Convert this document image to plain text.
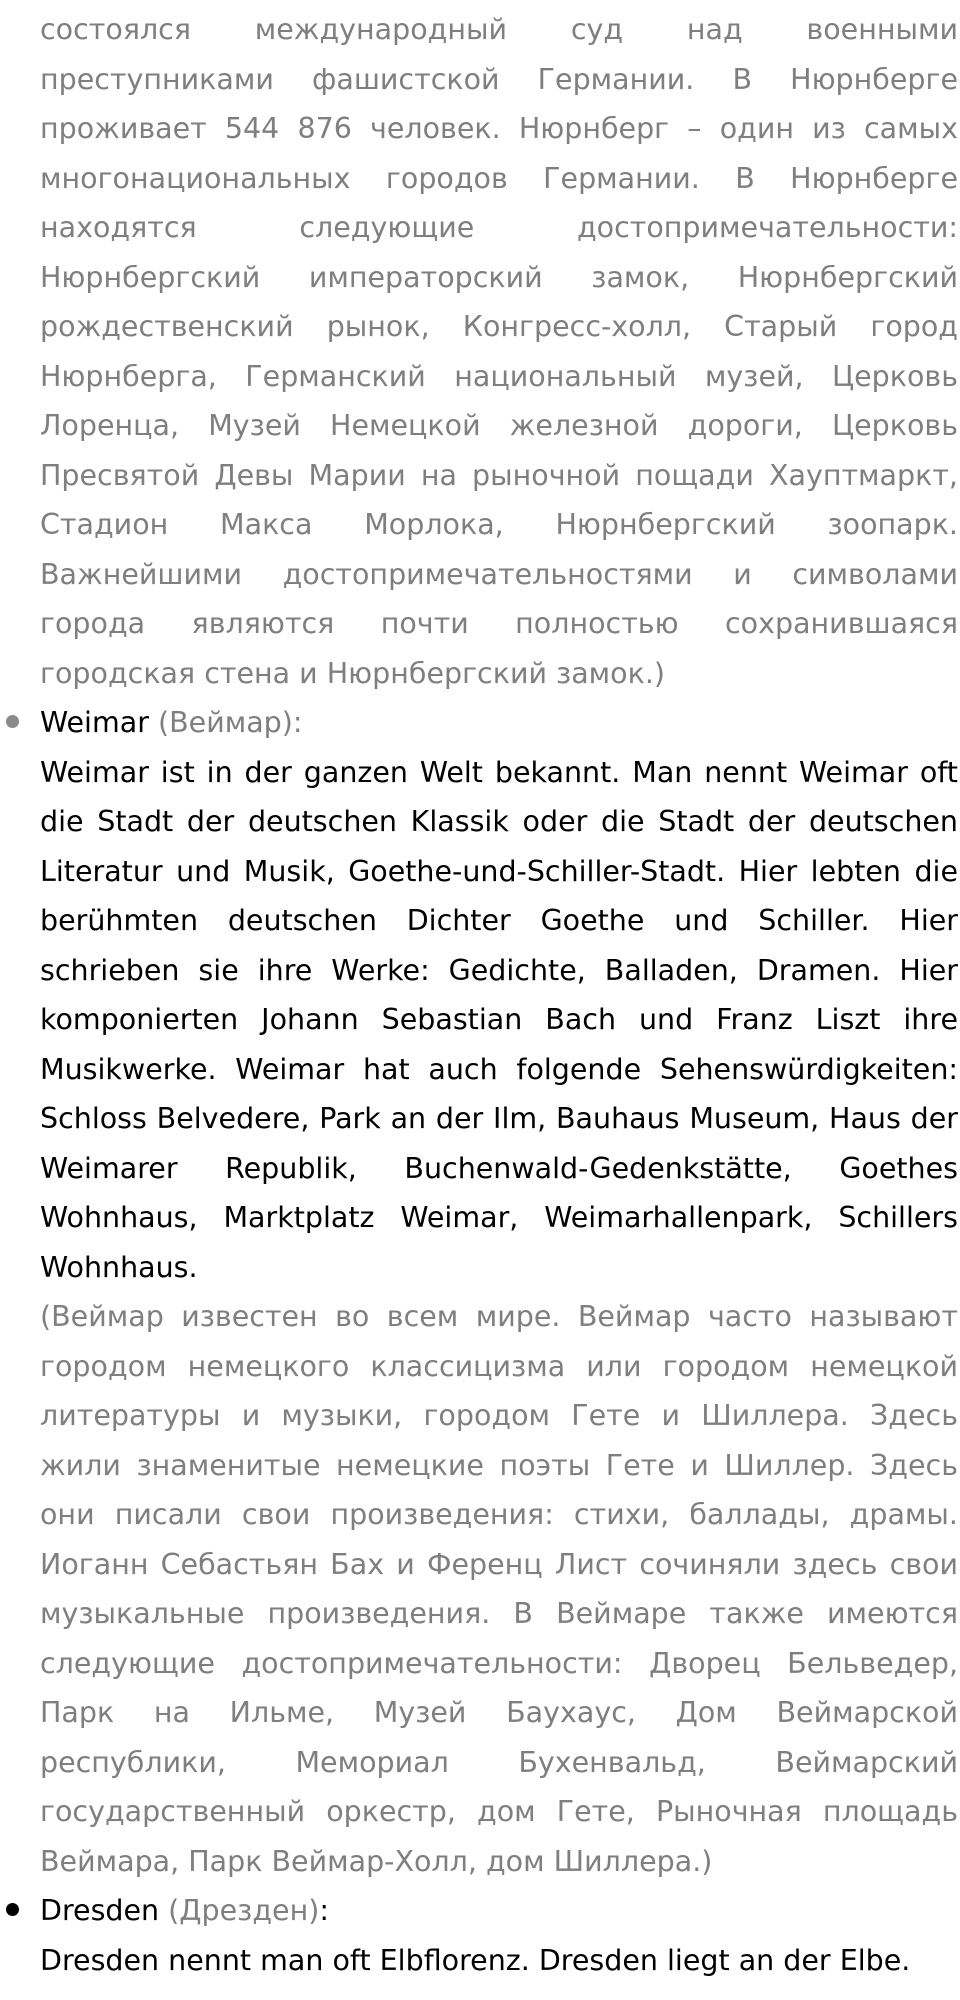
состоялся международный суд над военными преступниками фашистской Германии. В Нюрнберге проживает 544 876 человек. Нюрнберг – один из самых многонациональных городов Германии. В Нюрнберге находятся следующие достопримечательности: Нюрнбергский императорский замок, Нюрнбергский рождественский рынок, Конгресс-холл, Старый город Нюрнберга, Германский национальный музей, Церковь Лоренца, Музей Немецкой железной дороги, Церковь Пресвятой Девы Марии на рыночной пощади Хауптмаркт, Стадион Макса Морлока, Нюрнбергский зоопарк. Важнейшими достопримечательностями и символами города являются почти полностью сохранившаяся городская стена и Нюрнбергский замок.)

Weimar (Веймар):

Weimar ist in der ganzen Welt bekannt. Man nennt Weimar oft die Stadt der deutschen Klassik oder die Stadt der deutschen Literatur und Musik, Goethe-und-Schiller-Stadt. Hier lebten die berühmten deutschen Dichter Goethe und Schiller. Hier schrieben sie ihre Werke: Gedichte, Balladen, Dramen. Hier komponierten Johann Sebastian Bach und Franz Liszt ihre Musikwerke. Weimar hat auch folgende Sehenswürdigkeiten: Schloss Belvedere, Park an der Ilm, Bauhaus Museum, Haus der Weimarer Republik, Buchenwald-Gedenkstätte, Goethes Wohnhaus, Marktplatz Weimar, Weimarhallenpark, Schillers Wohnhaus.

(Веймар известен во всем мире. Веймар часто называют городом немецкого классицизма или городом немецкой литературы и музыки, городом Гете и Шиллера. Здесь жили знаменитые немецкие поэты Гете и Шиллер. Здесь они писали свои произведения: стихи, баллады, драмы. Иоганн Себастьян Бах и Ференц Лист сочиняли здесь свои музыкальные произведения. В Веймаре также имеются следующие достопримечательности: Дворец Бельведер, Парк на Ильме, Музей Баухаус, Дом Веймарской республики, Мемориал Бухенвальд, Веймарский государственный оркестр, дом Гете, Рыночная площадь Веймара, Парк Веймар-Холл, дом Шиллера.)

Dresden (Дрезден):

Dresden nennt man oft Elbflorenz. Dresden liegt an der Elbe.
